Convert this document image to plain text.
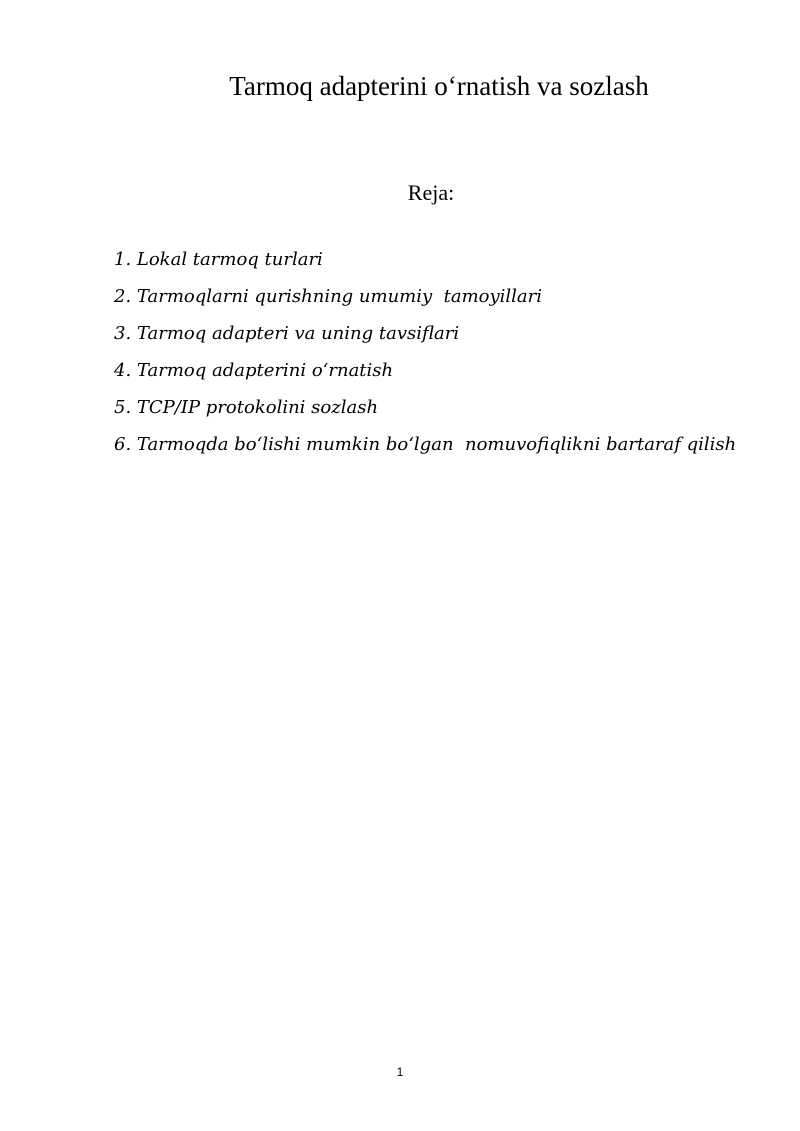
Tarmoq adapterini o‘rnatish va sozlash
Reja:
1. Lokal tarmoq turlari
2. Tarmoqlarni qurishning umumiy  tamoyillari
3. Tarmoq adapteri va uning tavsiflari
4. Tarmoq adapterini o‘rnatish
5. TCP/IP protokolini sozlash
6. Tarmoqda bo‘lishi mumkin bo‘lgan  nomuvofiqlikni bartaraf qilish
1
